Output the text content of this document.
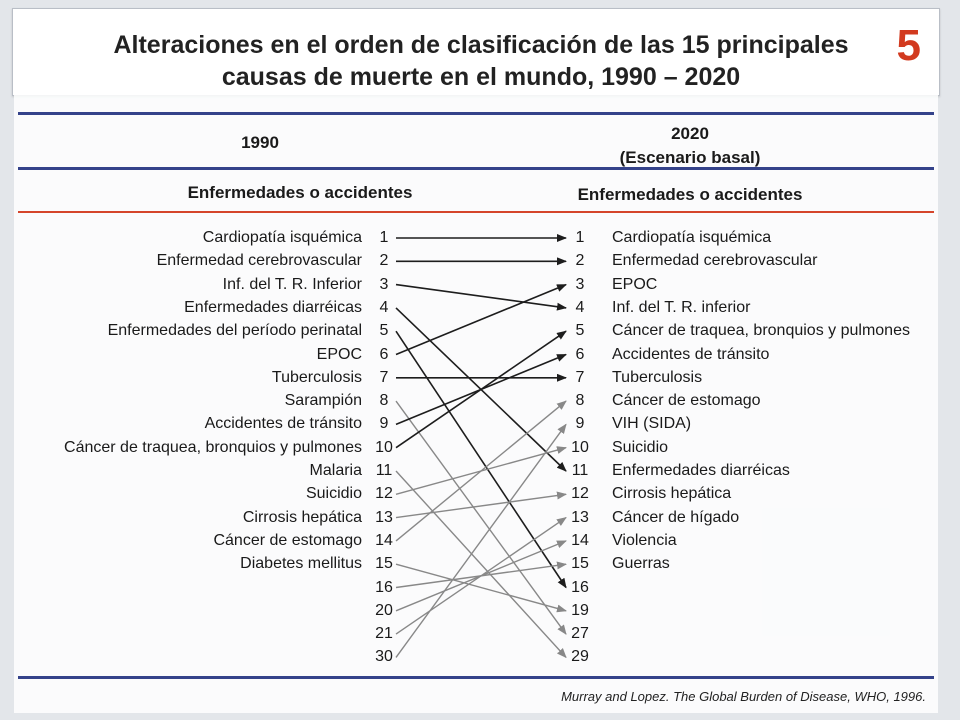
Alteraciones en el orden de clasificación de las 15 principales
causas de muerte en el mundo, 1990 – 2020
5
1990
Enfermedades o accidentes
2020
(Escenario basal)
Enfermedades o accidentes
Cardiopatía isquémica	1
Enfermedad cerebrovascular	2
Inf. del T. R. Inferior	3
Enfermedades diarréicas	4
Enfermedades del período perinatal	5
EPOC	6
Tuberculosis	7
Sarampión	8
Accidentes de tránsito	9
Cáncer de traquea, bronquios y pulmones 10
Malaria 11
Suicidio 12
Cirrosis hepática 13
Cáncer de estomago 14
Diabetes mellitus 15
16
20
21
30
1	Cardiopatía isquémica
2	Enfermedad cerebrovascular
3	EPOC
4	Inf. del T. R. inferior
5	Cáncer de traquea, bronquios y pulmones
6	Accidentes de tránsito
7	Tuberculosis
8	Cáncer de estomago
9	VIH (SIDA)
10 Suicidio
11 Enfermedades diarréicas
12 Cirrosis hepática
13 Cáncer de hígado
14 Violencia
15 Guerras
16
19
27
29
Murray and Lopez. The Global Burden of Disease, WHO, 1996.
